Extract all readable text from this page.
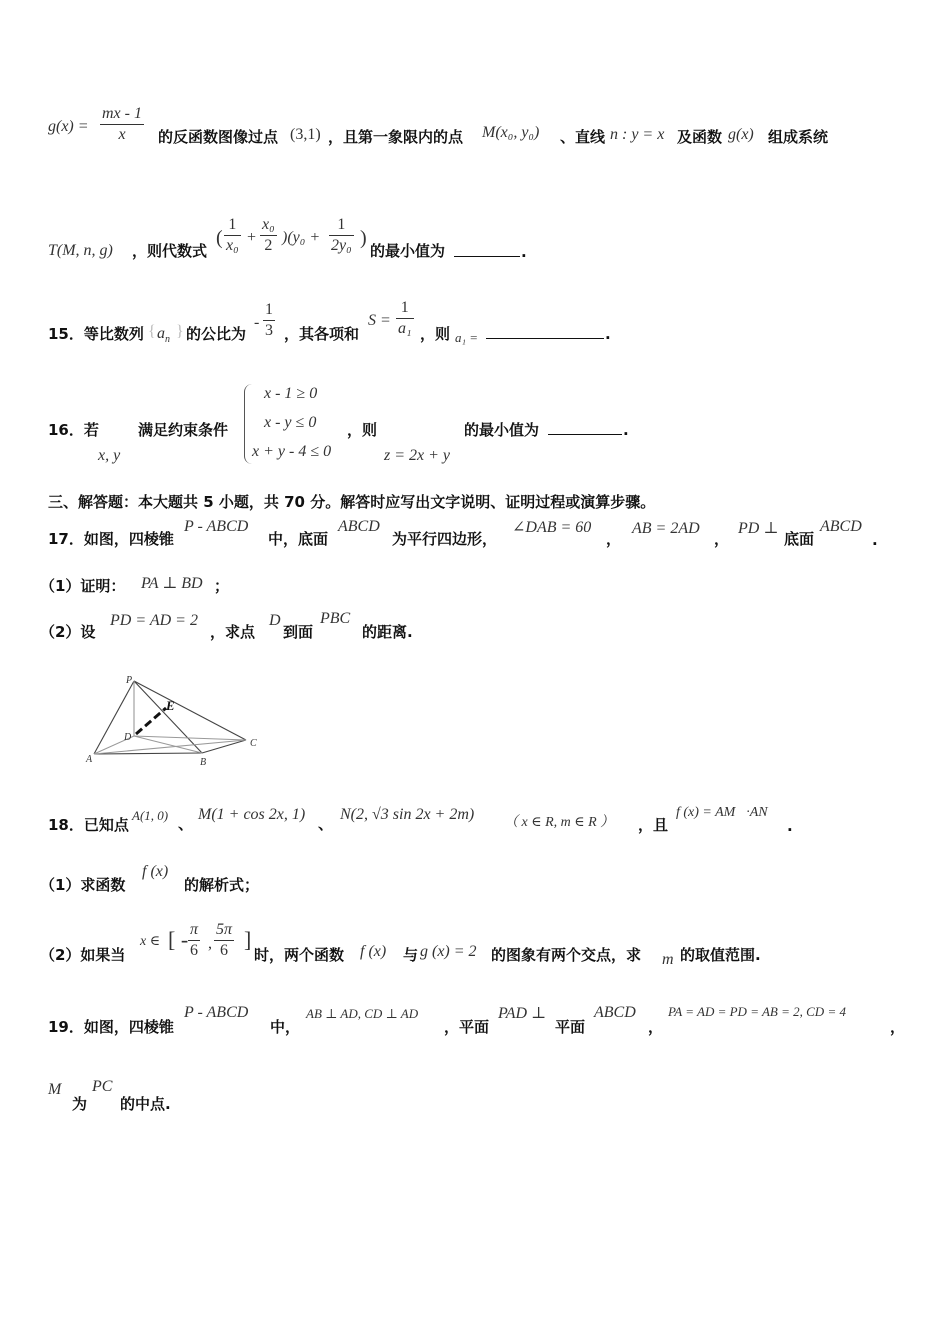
g(x) =
mx - 1
x	的反函数图像过点 (3,1) ，且第一象限内的点 M(x₀, y₀) 、直线 n : y = x 及函数 g(x) 组成系统
T(M, n, g) ，则代数式
(
1
x₀ +
x₀
2 )(y₀ +
1
2y₀ )
的最小值为	.
15．等比数列 { $a_n$ } 的公比为
-
1
3 ，其各项和
S =
1
a₁ ，则 a₁ =	.
16．若
x, y
满足约束条件
x - 1 ≥ 0
x - y ≤ 0
x + y - 4 ≤ 0
，则
z = 2x + y
的最小值为	.
三、解答题：本大题共 5 小题，共 70 分。解答时应写出文字说明、证明过程或演算步骤。
17．如图，四棱锥
P - ABCD
中，底面
ABCD
为平行四边形，
∠DAB = 60
，
AB = 2AD
，
PD ⊥
底面
ABCD
.
（1）证明： PA ⊥ BD ；
（2）设
PD = AD = 2
，求点
D
到面
PBC
的距离.
P
E
D
A	B
C
18．已知点
A(1, 0) 、
M(1 + cos 2x, 1)
、
N(2, √3 sin 2x + 2m) （ x ∈ R, m ∈ R ） ，且
f (x) = AM⃗·AN⃗
.
（1）求函数
f (x)
的解析式；
（2）如果当
x ∈ [ - π
6 ,
5π
6 ]
时，两个函数 f (x) 与 g (x) = 2 的图象有两个交点，求 m 的取值范围.
19．如图，四棱锥
P - ABCD
中，
AB ⊥ AD, CD ⊥ AD
，平面
PAD ⊥
平面
ABCD
，
PA = AD = PD = AB = 2, CD = 4
，
M
为
PC
的中点.
